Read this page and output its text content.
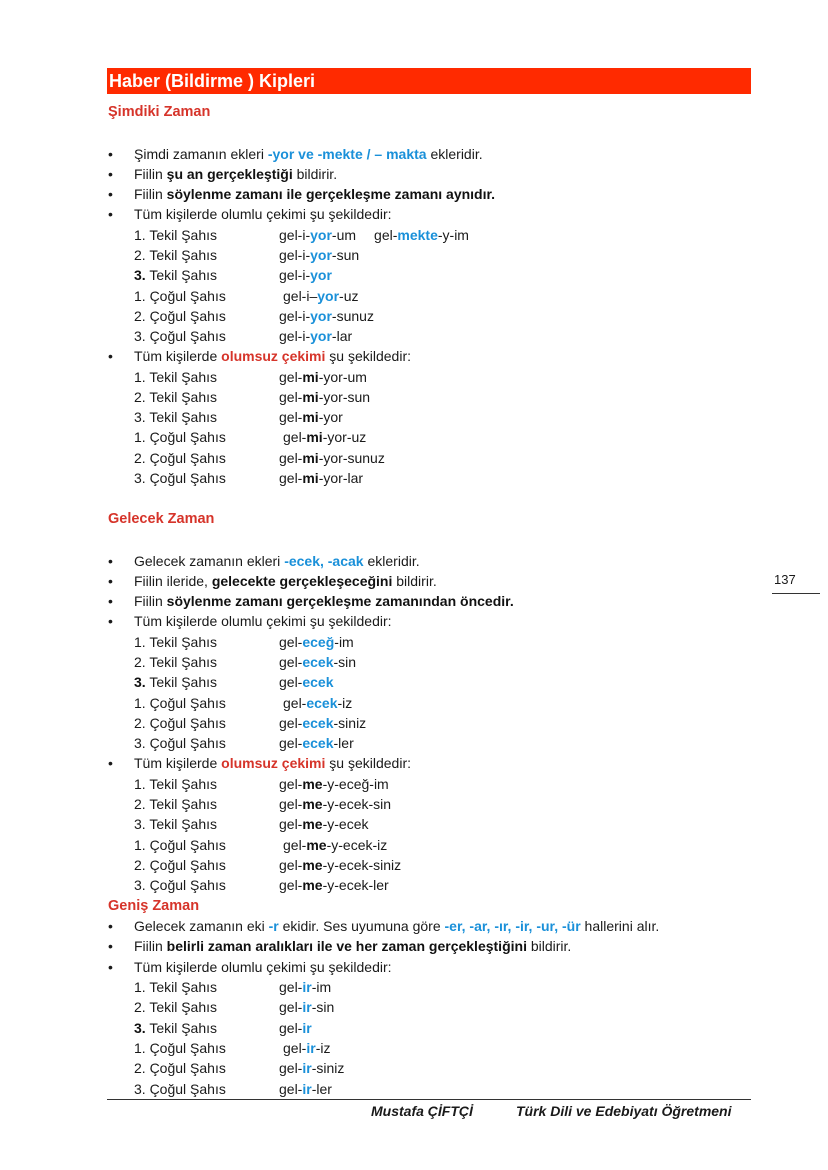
Haber (Bildirme ) Kipleri
Şimdiki Zaman
Şimdi zamanın ekleri -yor ve -mekte / – makta ekleridir.
Fiilin şu an gerçekleştiği bildirir.
Fiilin söylenme zamanı ile gerçekleşme zamanı aynıdır.
Tüm kişilerde olumlu çekimi şu şekildedir:
1. Tekil Şahıs	gel-i-yor-um gel-mekte-y-im
2. Tekil Şahıs	gel-i-yor-sun
3. Tekil Şahıs	gel-i-yor
1. Çoğul Şahıs	gel-i–yor-uz
2. Çoğul Şahıs	gel-i-yor-sunuz
3. Çoğul Şahıs	gel-i-yor-lar
Tüm kişilerde olumsuz çekimi şu şekildedir:
1. Tekil Şahıs	gel-mi-yor-um
2. Tekil Şahıs	gel-mi-yor-sun
3. Tekil Şahıs	gel-mi-yor
1. Çoğul Şahıs	gel-mi-yor-uz
2. Çoğul Şahıs	gel-mi-yor-sunuz
3. Çoğul Şahıs	gel-mi-yor-lar
Gelecek Zaman
Gelecek zamanın ekleri -ecek, -acak ekleridir.
Fiilin ileride, gelecekte gerçekleşeceğini bildirir.
Fiilin söylenme zamanı gerçekleşme zamanından öncedir.
Tüm kişilerde olumlu çekimi şu şekildedir:
1. Tekil Şahıs	gel-eceğ-im
2. Tekil Şahıs	gel-ecek-sin
3. Tekil Şahıs	gel-ecek
1. Çoğul Şahıs	gel-ecek-iz
2. Çoğul Şahıs	gel-ecek-siniz
3. Çoğul Şahıs	gel-ecek-ler
Tüm kişilerde olumsuz çekimi şu şekildedir:
1. Tekil Şahıs	gel-me-y-eceğ-im
2. Tekil Şahıs	gel-me-y-ecek-sin
3. Tekil Şahıs	gel-me-y-ecek
1. Çoğul Şahıs	gel-me-y-ecek-iz
2. Çoğul Şahıs	gel-me-y-ecek-siniz
3. Çoğul Şahıs	gel-me-y-ecek-ler
Geniş Zaman
Gelecek zamanın eki -r ekidir. Ses uyumuna göre -er, -ar, -ır, -ir, -ur, -ür hallerini alır.
Fiilin belirli zaman aralıkları ile ve her zaman gerçekleştiğini bildirir.
Tüm kişilerde olumlu çekimi şu şekildedir:
1. Tekil Şahıs	gel-ir-im
2. Tekil Şahıs	gel-ir-sin
3. Tekil Şahıs	gel-ir
1. Çoğul Şahıs	gel-ir-iz
2. Çoğul Şahıs	gel-ir-siniz
3. Çoğul Şahıs	gel-ir-ler
137
Mustafa ÇİFTÇİ	Türk Dili ve Edebiyatı Öğretmeni
